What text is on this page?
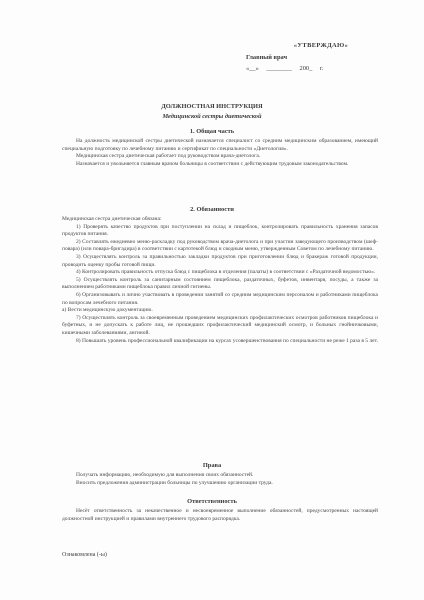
«УТВЕРЖДАЮ»
Главный врач
«__» ________ 200_ г.
ДОЛЖНОСТНАЯ ИНСТРУКЦИЯ
Медицинской сестры диетической
1. Общая часть

На должность медицинской сестры диетической назначается специалист со средним медицинским образованием, имеющий специальную подготовку по лечебному питанию и сертификат по специальности «Диетология».

Медицинская сестра диетическая работает под руководством врача-диетолога.

Назначается и увольняется главным врачом больницы в соответствии с действующим трудовым законодательством.

2. Обязанности

Медицинская сестра диетическая обязана:

1) Проверять качество продуктов при поступлении на склад и пищеблок, контролировать правильность хранения запасов продуктов питания.

2) Составлять ежедневно меню-раскладку под руководством врача-диетолога и при участии заведующего производством (шеф-повара) (или повара-бригадира) в соответствии с картотекой блюд и сводным меню, утвержденным Советом по лечебному питанию.

3) Осуществлять контроль за правильностью закладки продуктов при приготовлении блюд и бракераж готовой продукции, проводить оценку пробы готовой пищи.

4) Контролировать правильность отпуска блюд с пищеблока в отделения (палаты) в соответствии с «Раздаточной ведомостью».

5) Осуществлять контроль за санитарным состоянием пищеблока, раздаточных, буфетов, инвентаря, посуды, а также за выполнением работниками пищеблока правил личной гигиены.

6) Организовывать и лично участвовать в проведении занятий со средним медицинским персоналом и работниками пищеблока по вопросам лечебного питания.

а) Вести медицинскую документацию.

7) Осуществлять контроль за своевременным проведением медицинских профилактических осмотров работников пищеблока и буфетных, и не допускать к работе лиц, не прошедших профилактический медицинский осмотр, и больных гнойничковыми, кишечными заболеваниями, ангиной.

8) Повышать уровень профессиональной квалификации на курсах усовершенствования по специальности не реже 1 раза в 5 лет.

Права

Получать информацию, необходимую для выполнения своих обязанностей.

Вносить предложения администрации больницы по улучшению организации труда.

Ответственность

Несёт ответственность за некачественное и несвоевременное выполнение обязанностей, предусмотренных настоящей должностной инструкцией и правилами внутреннего трудового распорядка.

Ознакомлена (-ы)
